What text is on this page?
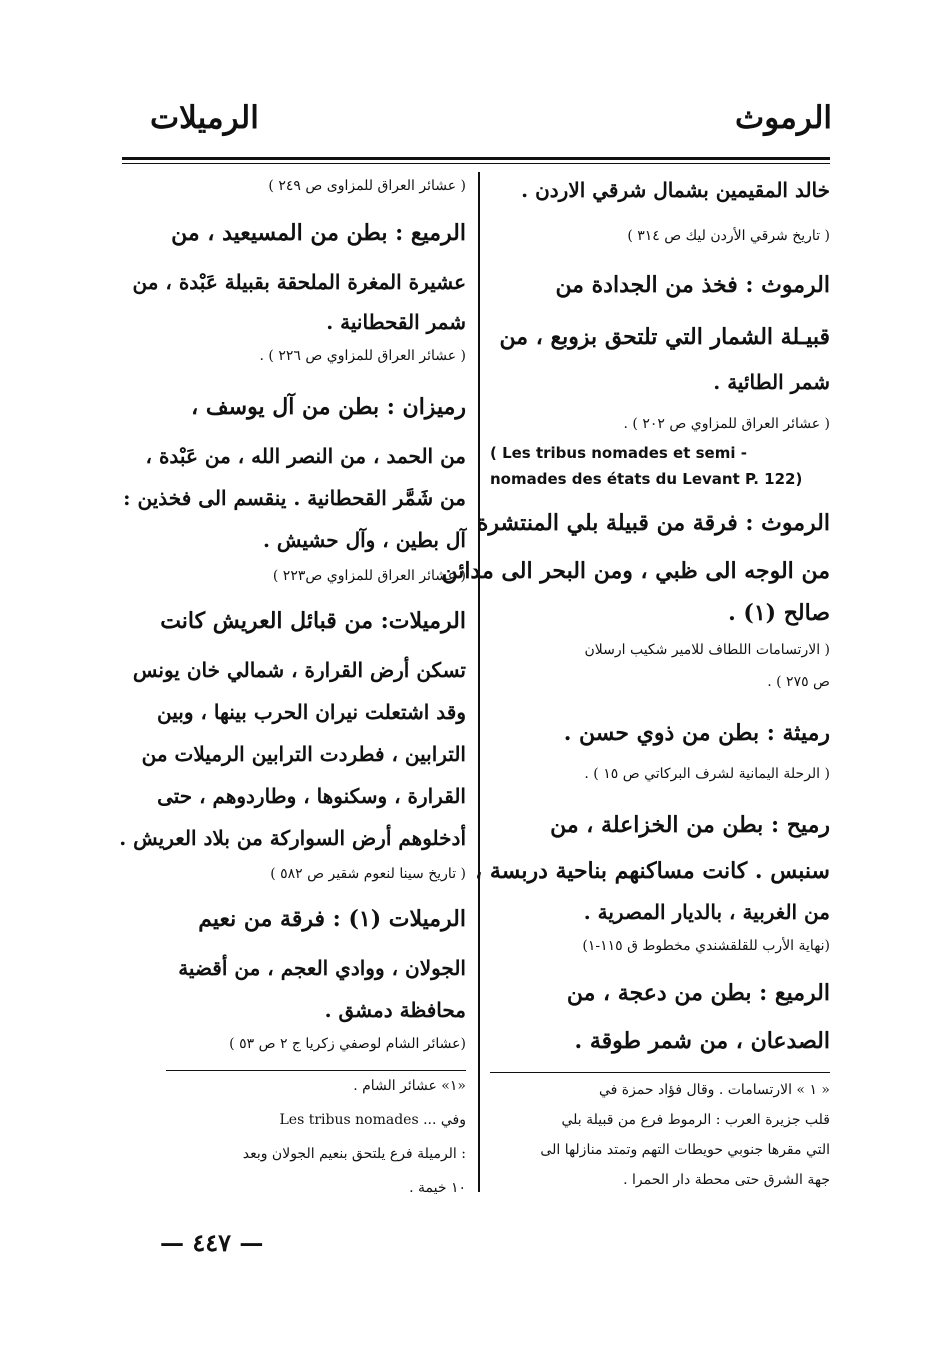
الرموث
الرميلات
خالد المقيمين بشمال شرقي الاردن .
( تاريخ شرقي الأردن ليك ص ٣١٤ )
الرموث : فخذ من الجدادة من
قبيـلة الشمار التي تلتحق بزوبع ، من
شمر الطائية .
( عشائر العراق للمزاوي ص ٢٠٢ ) .
( Les tribus nomades et semi -
nomades des états du Levant P. 122)
الرموث : فرقة من قبيلة بلي المنتشرة
من الوجه الى ظبي ، ومن البحر الى مدائن
صالح (١) .
( الارتسامات اللطاف للامير شكيب ارسلان
ص ٢٧٥ ) .
رميثة : بطن من ذوي حسن .
( الرحلة اليمانية لشرف البركاتي ص ١٥ ) .
رميح : بطن من الخزاعلة ، من
سنبس . كانت مساكنهم بناحية دربسة ،
من الغربية ، بالديار المصرية .
(نهاية الأرب للقلقشندي مخطوط ق ١١٥-١)
الرميع : بطن من دعجة ، من
الصدعان ، من شمر طوقة .
« ١ » الارتسامات . وقال فؤاد حمزة في
قلب جزيرة العرب : الرموط فرع من قبيلة بلي
التي مقرها جنوبي حويطات التهم وتمتد منازلها الى
جهة الشرق حتى محطة دار الحمرا .
( عشائر العراق للمزاوى ص ٢٤٩ )
الرميع : بطن من المسيعيد ، من
عشيرة المغرة الملحقة بقبيلة عَبْدة ، من
شمر القحطانية .
( عشائر العراق للمزاوي ص ٢٢٦ ) .
رميزان : بطن من آل يوسف ،
من الحمد ، من النصر الله ، من عَبْدة ،
من شَمَّر القحطانية . ينقسم الى فخذين :
آل بطين ، وآل حشيش .
( عشائر العراق للمزاوي ص٢٢٣ )
الرميلات: من قبائل العريش كانت
تسكن أرض القرارة ، شمالي خان يونس
وقد اشتعلت نيران الحرب بينها ، وبين
الترابين ، فطردت الترابين الرميلات من
القرارة ، وسكنوها ، وطاردوهم ، حتى
أدخلوهم أرض السواركة من بلاد العريش .
( تاريخ سينا لنعوم شقير ص ٥٨٢ )
الرميلات (١) : فرقة من نعيم
الجولان ، ووادي العجم ، من أقضية
محافظة دمشق .
(عشائر الشام لوصفي زكريا ج ٢ ص ٥٣ )
«١» عشائر الشام .
وفي ... Les tribus nomades
: الرميلة فرع يلتحق بنعيم الجولان وبعد
١٠ خيمة .
— ٤٤٧ —
